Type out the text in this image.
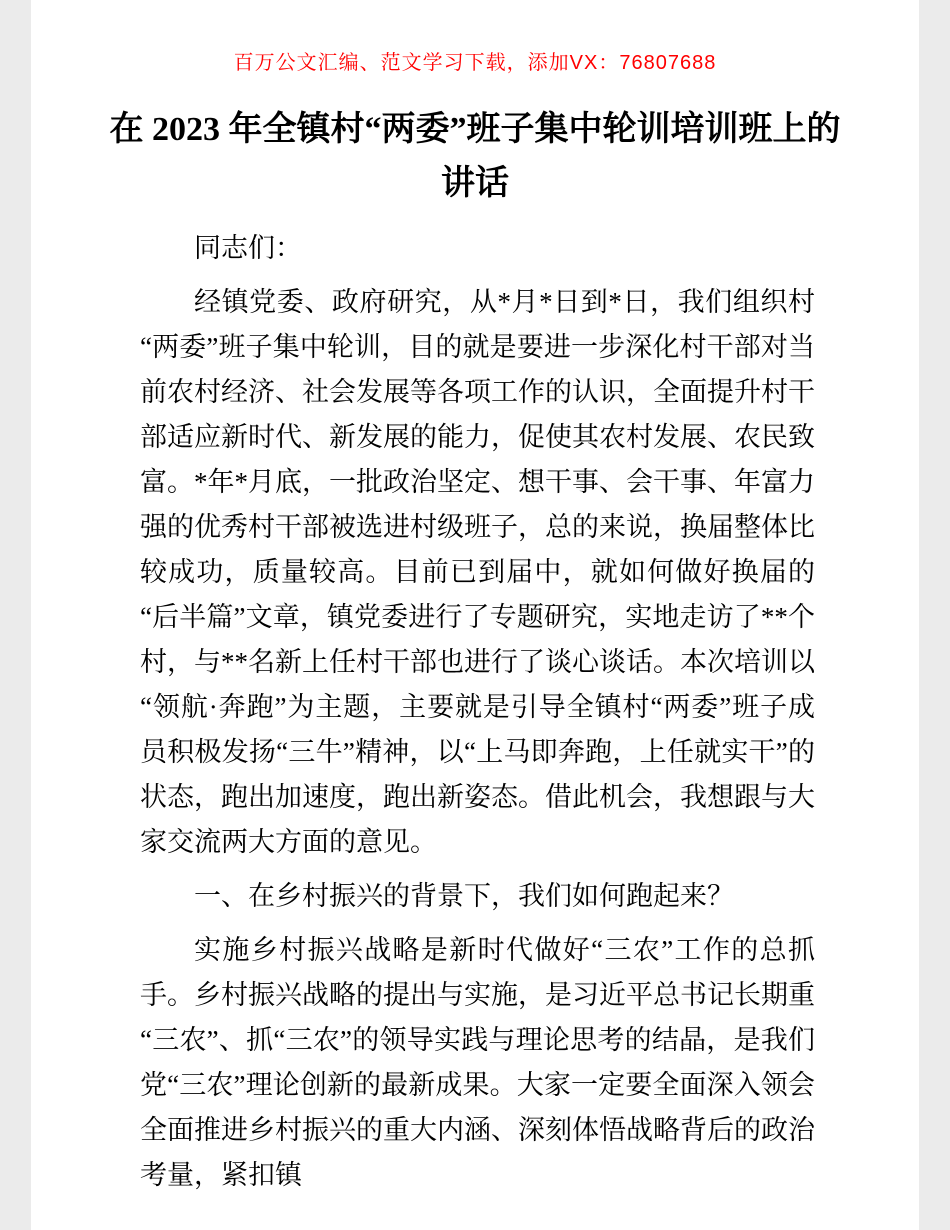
百万公文汇编、范文学习下载，添加VX：76807688
在 2023 年全镇村“两委”班子集中轮训培训班上的讲话

同志们：

经镇党委、政府研究，从*月*日到*日，我们组织村“两委”班子集中轮训，目的就是要进一步深化村干部对当前农村经济、社会发展等各项工作的认识，全面提升村干部适应新时代、新发展的能力，促使其农村发展、农民致富。*年*月底，一批政治坚定、想干事、会干事、年富力强的优秀村干部被选进村级班子，总的来说，换届整体比较成功，质量较高。目前已到届中，就如何做好换届的“后半篇”文章，镇党委进行了专题研究，实地走访了**个村，与**名新上任村干部也进行了谈心谈话。本次培训以“领航·奔跑”为主题，主要就是引导全镇村“两委”班子成员积极发扬“三牛”精神，以“上马即奔跑，上任就实干”的状态，跑出加速度，跑出新姿态。借此机会，我想跟与大家交流两大方面的意见。

一、在乡村振兴的背景下，我们如何跑起来？

实施乡村振兴战略是新时代做好“三农”工作的总抓手。乡村振兴战略的提出与实施，是习近平总书记长期重“三农”、抓“三农”的领导实践与理论思考的结晶，是我们党“三农”理论创新的最新成果。大家一定要全面深入领会全面推进乡村振兴的重大内涵、深刻体悟战略背后的政治考量，紧扣镇
